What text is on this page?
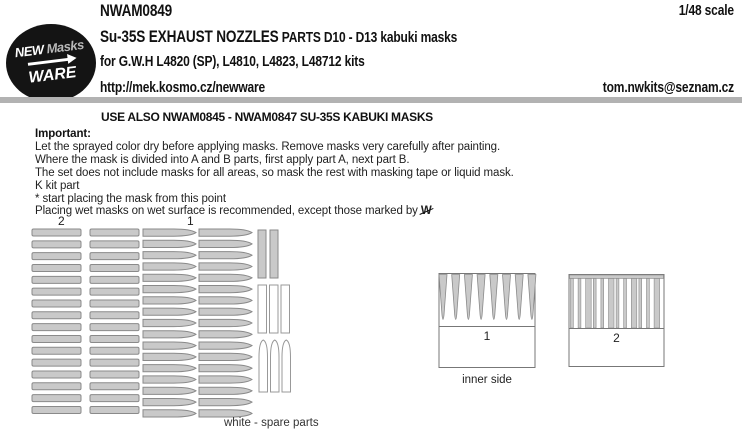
NEW Masks
WARE
NWAM0849	1/48 scale
Su-35S EXHAUST NOZZLES PARTS D10 - D13 kabuki masks
for G.W.H L4820 (SP), L4810, L4823, L48712 kits
http://mek.kosmo.cz/newware	tom.nwkits@seznam.cz
USE ALSO NWAM0845 - NWAM0847 SU-35S KABUKI MASKS
Important:
Let the sprayed color dry before applying masks. Remove masks very carefully after painting.
Where the mask is divided into A and B parts, first apply part A, next part B.
The set does not include masks for all areas, so mask the rest with masking tape or liquid mask.
K kit part
* start placing the mask from this point
Placing wet masks on wet surface is recommended, except those marked by W
2	1
1	2
inner side
white - spare parts
